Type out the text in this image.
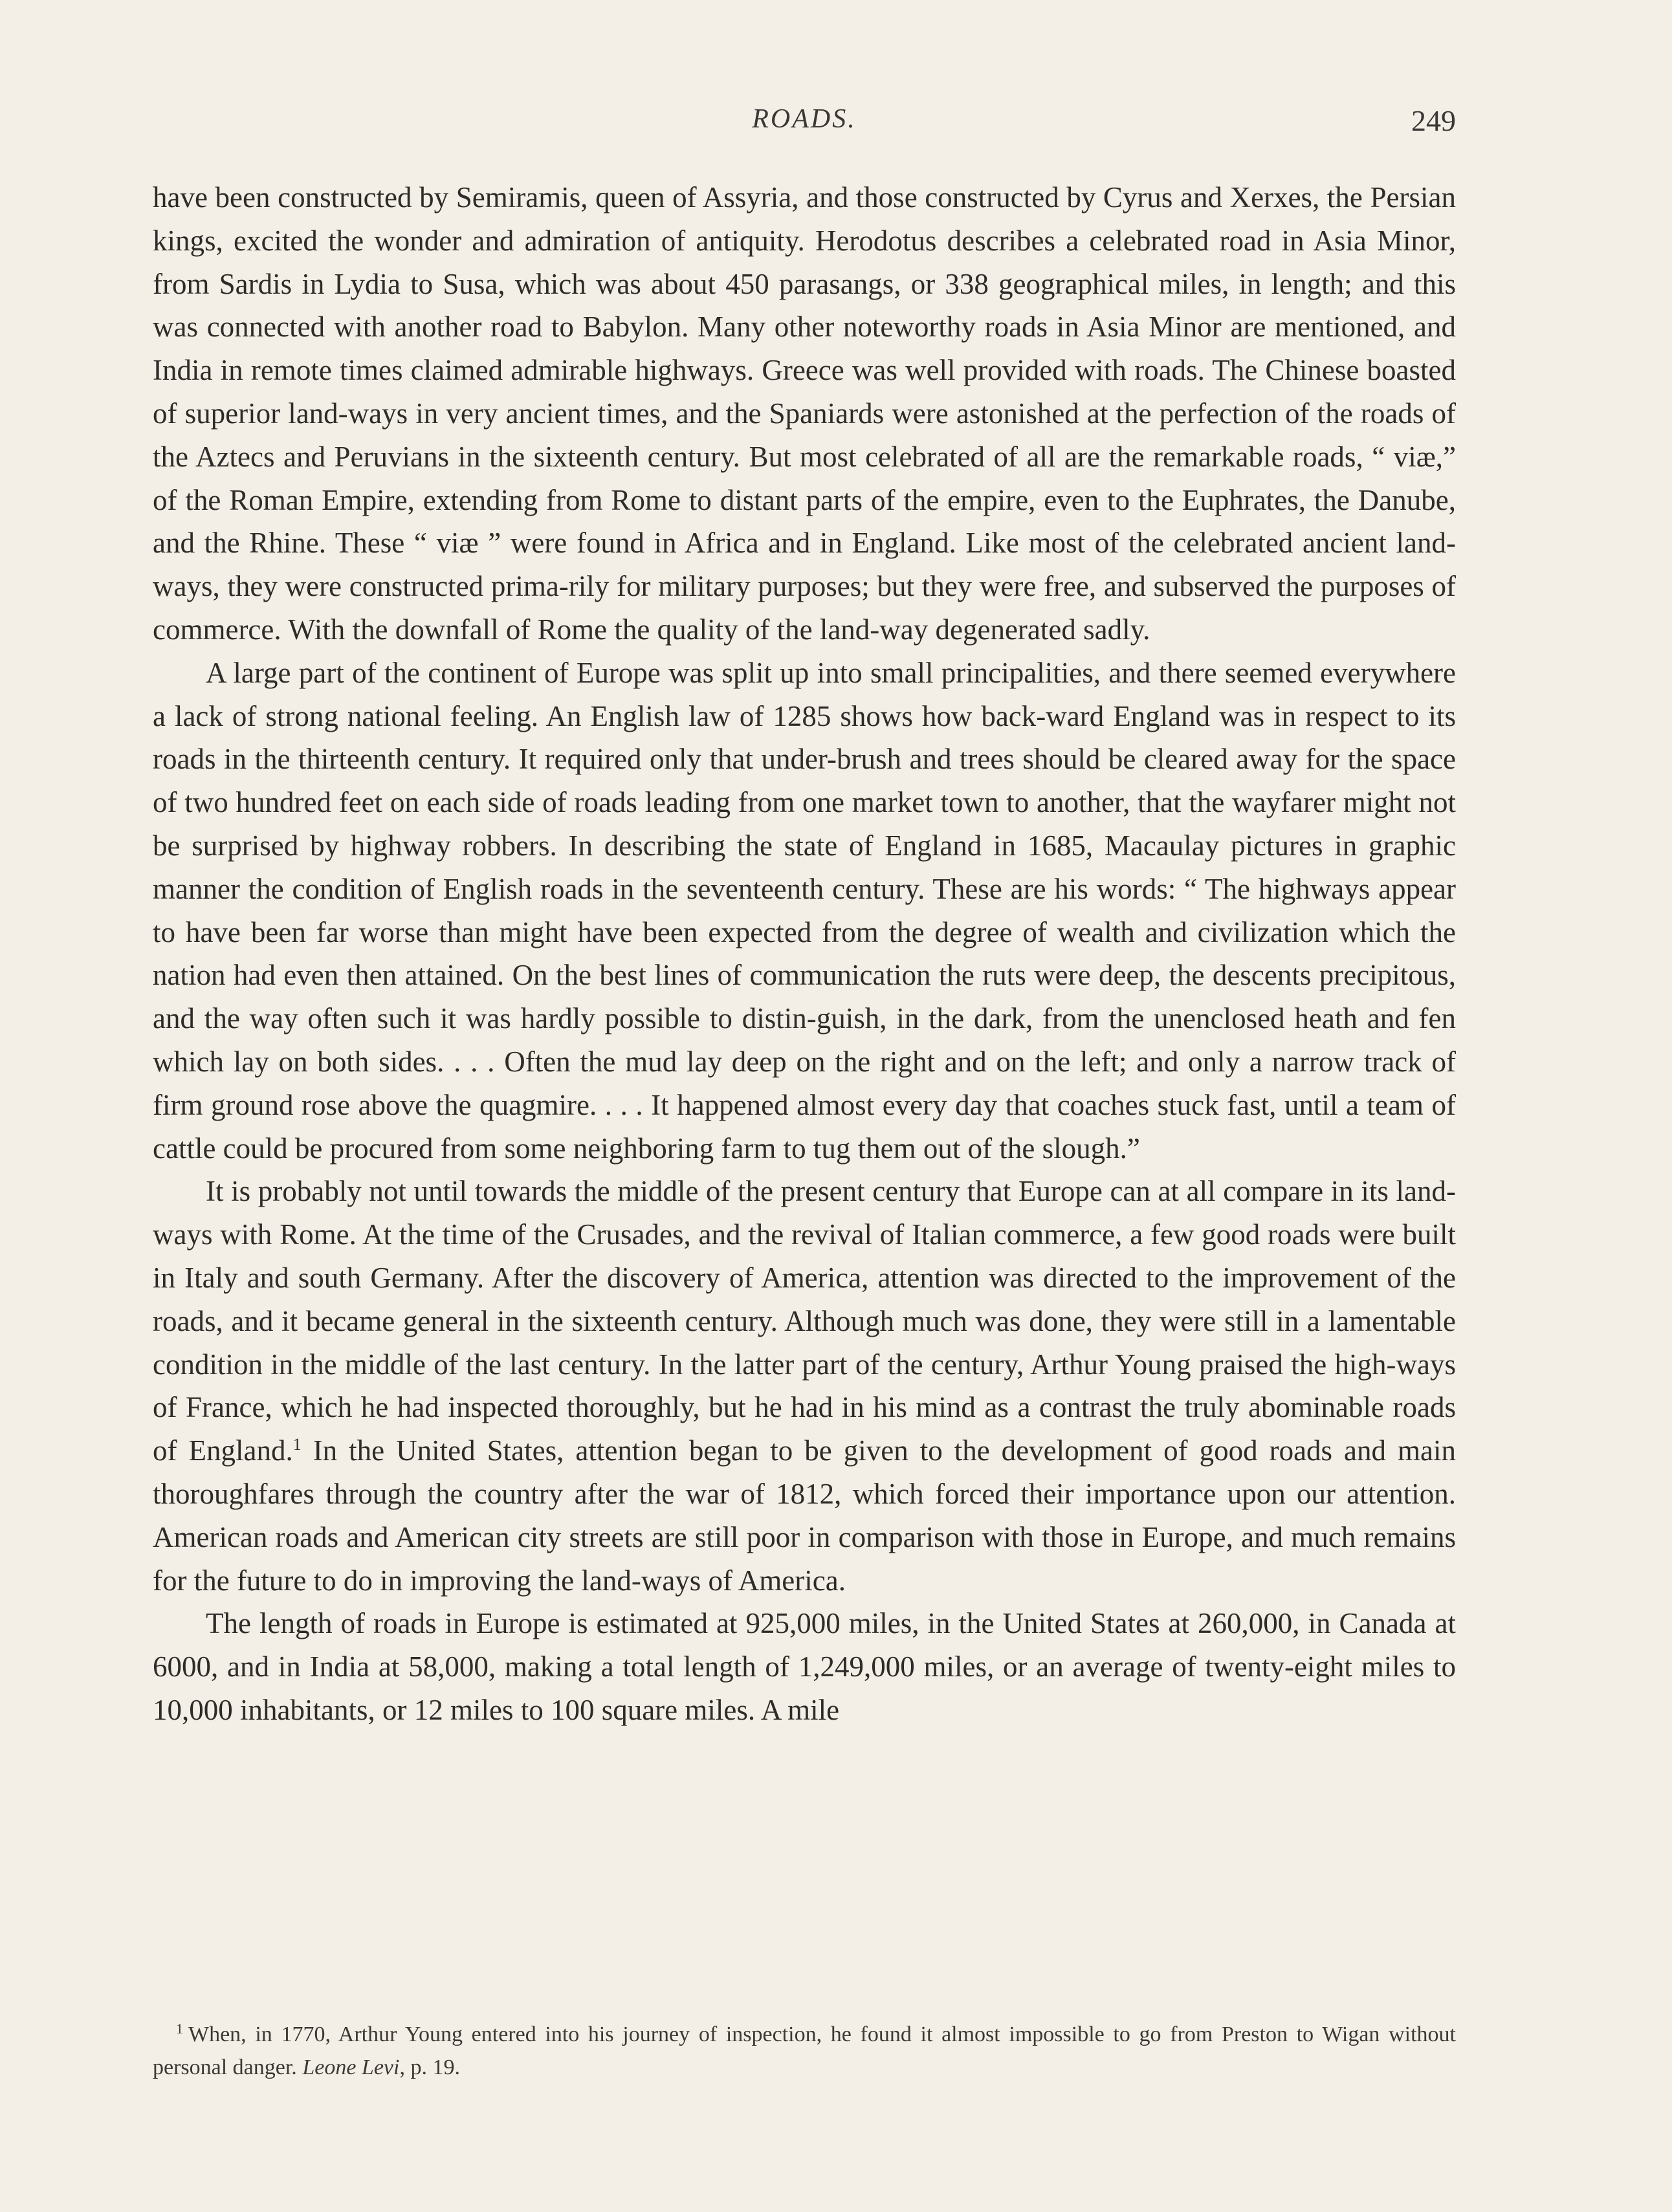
ROADS.	249

have been constructed by Semiramis, queen of Assyria, and those constructed by Cyrus and Xerxes, the Persian kings, excited the wonder and admiration of antiquity. Herodotus describes a celebrated road in Asia Minor, from Sardis in Lydia to Susa, which was about 450 parasangs, or 338 geographical miles, in length; and this was connected with another road to Babylon. Many other noteworthy roads in Asia Minor are mentioned, and India in remote times claimed admirable highways. Greece was well provided with roads. The Chinese boasted of superior land-ways in very ancient times, and the Spaniards were astonished at the perfection of the roads of the Aztecs and Peruvians in the sixteenth century. But most celebrated of all are the remarkable roads, “ viæ,” of the Roman Empire, extending from Rome to distant parts of the empire, even to the Euphrates, the Danube, and the Rhine. These “ viæ ” were found in Africa and in England. Like most of the celebrated ancient land-ways, they were constructed prima-rily for military purposes; but they were free, and subserved the purposes of commerce. With the downfall of Rome the quality of the land-way degenerated sadly.

A large part of the continent of Europe was split up into small principalities, and there seemed everywhere a lack of strong national feeling. An English law of 1285 shows how back-ward England was in respect to its roads in the thirteenth century. It required only that under-brush and trees should be cleared away for the space of two hundred feet on each side of roads leading from one market town to another, that the wayfarer might not be surprised by highway robbers. In describing the state of England in 1685, Macaulay pictures in graphic manner the condition of English roads in the seventeenth century. These are his words: “ The highways appear to have been far worse than might have been expected from the degree of wealth and civilization which the nation had even then attained. On the best lines of communication the ruts were deep, the descents precipitous, and the way often such it was hardly possible to distin-guish, in the dark, from the unenclosed heath and fen which lay on both sides. . . . Often the mud lay deep on the right and on the left; and only a narrow track of firm ground rose above the quagmire. . . . It happened almost every day that coaches stuck fast, until a team of cattle could be procured from some neighboring farm to tug them out of the slough.”

It is probably not until towards the middle of the present century that Europe can at all compare in its land-ways with Rome. At the time of the Crusades, and the revival of Italian commerce, a few good roads were built in Italy and south Germany. After the discovery of America, attention was directed to the improvement of the roads, and it became general in the sixteenth century. Although much was done, they were still in a lamentable condition in the middle of the last century. In the latter part of the century, Arthur Young praised the high-ways of France, which he had inspected thoroughly, but he had in his mind as a contrast the truly abominable roads of England.$^1$ In the United States, attention began to be given to the development of good roads and main thoroughfares through the country after the war of 1812, which forced their importance upon our attention. American roads and American city streets are still poor in comparison with those in Europe, and much remains for the future to do in improving the land-ways of America.

The length of roads in Europe is estimated at 925,000 miles, in the United States at 260,000, in Canada at 6000, and in India at 58,000, making a total length of 1,249,000 miles, or an average of twenty-eight miles to 10,000 inhabitants, or 12 miles to 100 square miles. A mile

$^1$ When, in 1770, Arthur Young entered into his journey of inspection, he found it almost impossible to go from Preston to Wigan without personal danger. Leone Levi, p. 19.
